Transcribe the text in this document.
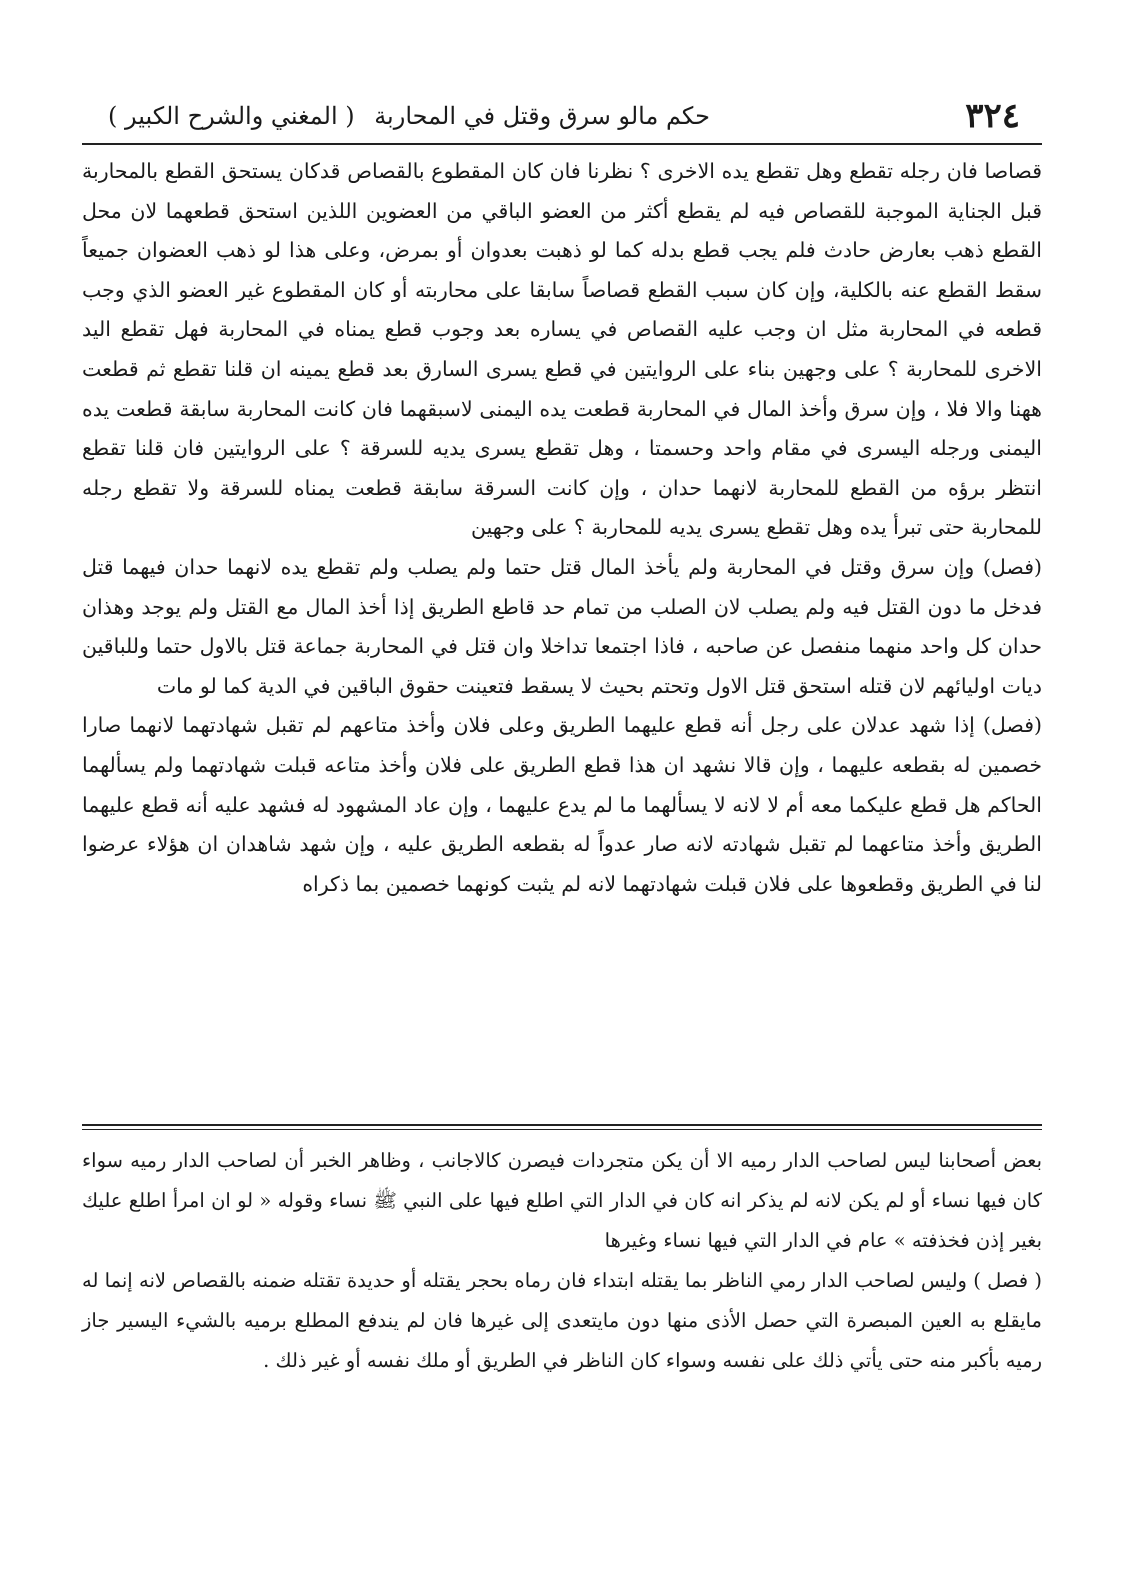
٣٢٤
حكم مالو سرق وقتل في المحاربة
( المغني والشرح الكبير )

قصاصا فان رجله تقطع وهل تقطع يده الاخرى ؟ نظرنا فان كان المقطوع بالقصاص قدكان يستحق القطع بالمحاربة قبل الجناية الموجبة للقصاص فيه لم يقطع أكثر من العضو الباقي من العضوين اللذين استحق قطعهما لان محل القطع ذهب بعارض حادث فلم يجب قطع بدله كما لو ذهبت بعدوان أو بمرض، وعلى هذا لو ذهب العضوان جميعاً سقط القطع عنه بالكلية، وإن كان سبب القطع قصاصاً سابقا على محاربته أو كان المقطوع غير العضو الذي وجب قطعه في المحاربة مثل ان وجب عليه القصاص في يساره بعد وجوب قطع يمناه في المحاربة فهل تقطع اليد الاخرى للمحاربة ؟ على وجهين بناء على الروايتين في قطع يسرى السارق بعد قطع يمينه ان قلنا تقطع ثم قطعت ههنا والا فلا ، وإن سرق وأخذ المال في المحاربة قطعت يده اليمنى لاسبقهما فان كانت المحاربة سابقة قطعت يده اليمنى ورجله اليسرى في مقام واحد وحسمتا ، وهل تقطع يسرى يديه للسرقة ؟ على الروايتين فان قلنا تقطع انتظر برؤه من القطع للمحاربة لانهما حدان ، وإن كانت السرقة سابقة قطعت يمناه للسرقة ولا تقطع رجله للمحاربة حتى تبرأ يده وهل تقطع يسرى يديه للمحاربة ؟ على وجهين

(فصل) وإن سرق وقتل في المحاربة ولم يأخذ المال قتل حتما ولم يصلب ولم تقطع يده لانهما حدان فيهما قتل فدخل ما دون القتل فيه ولم يصلب لان الصلب من تمام حد قاطع الطريق إذا أخذ المال مع القتل ولم يوجد وهذان حدان كل واحد منهما منفصل عن صاحبه ، فاذا اجتمعا تداخلا وان قتل في المحاربة جماعة قتل بالاول حتما وللباقين ديات اوليائهم لان قتله استحق قتل الاول وتحتم بحيث لا يسقط فتعينت حقوق الباقين في الدية كما لو مات

(فصل) إذا شهد عدلان على رجل أنه قطع عليهما الطريق وعلى فلان وأخذ متاعهم لم تقبل شهادتهما لانهما صارا خصمين له بقطعه عليهما ، وإن قالا نشهد ان هذا قطع الطريق على فلان وأخذ متاعه قبلت شهادتهما ولم يسألهما الحاكم هل قطع عليكما معه أم لا لانه لا يسألهما ما لم يدع عليهما ، وإن عاد المشهود له فشهد عليه أنه قطع عليهما الطريق وأخذ متاعهما لم تقبل شهادته لانه صار عدواً له بقطعه الطريق عليه ، وإن شهد شاهدان ان هؤلاء عرضوا لنا في الطريق وقطعوها على فلان قبلت شهادتهما لانه لم يثبت كونهما خصمين بما ذكراه

بعض أصحابنا ليس لصاحب الدار رميه الا أن يكن متجردات فيصرن كالاجانب ، وظاهر الخبر أن لصاحب الدار رميه سواء كان فيها نساء أو لم يكن لانه لم يذكر انه كان في الدار التي اطلع فيها على النبي ﷺ نساء وقوله « لو ان امرأ اطلع عليك بغير إذن فخذفته » عام في الدار التي فيها نساء وغيرها

( فصل ) وليس لصاحب الدار رمي الناظر بما يقتله ابتداء فان رماه بحجر يقتله أو حديدة تقتله ضمنه بالقصاص لانه إنما له مايقلع به العين المبصرة التي حصل الأذى منها دون مايتعدى إلى غيرها فان لم يندفع المطلع برميه بالشيء اليسير جاز رميه بأكبر منه حتى يأتي ذلك على نفسه وسواء كان الناظر في الطريق أو ملك نفسه أو غير ذلك .
